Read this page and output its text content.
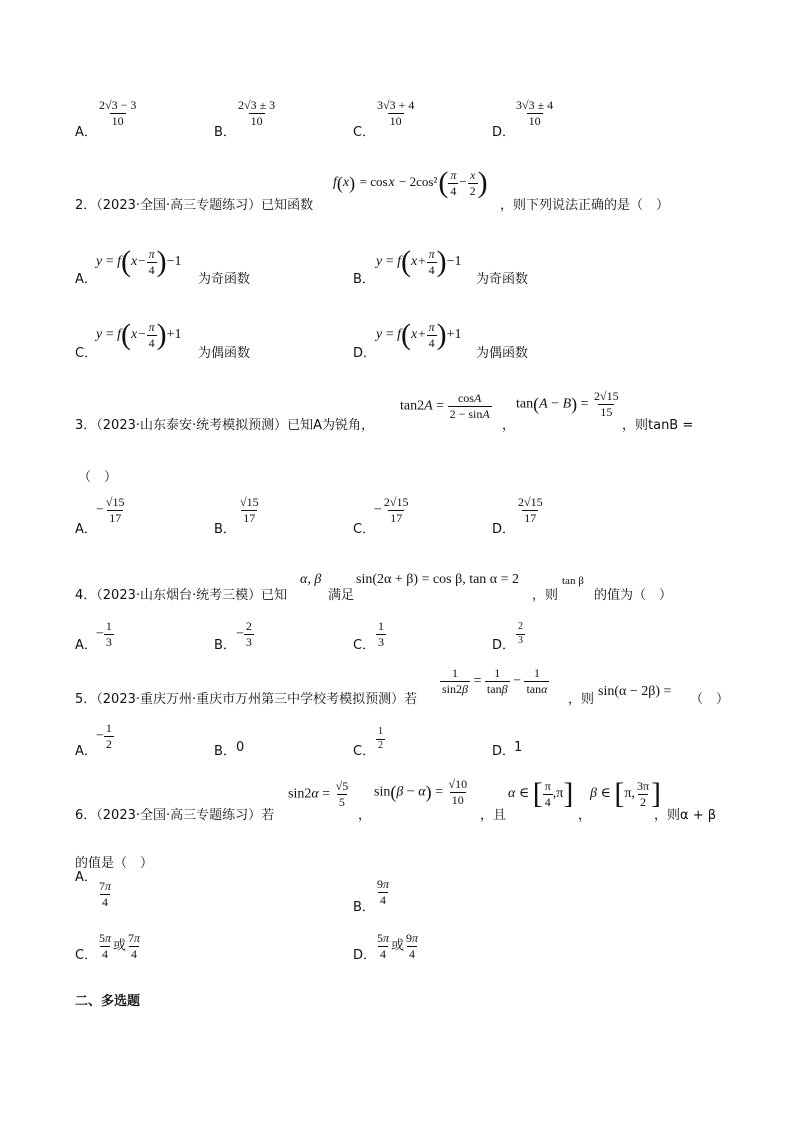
A．
$\frac{2√3 - 3}{10}$
B．
$\frac{2√3 \pm 3}{10}$
C．
$\frac{3√3 + 4}{10}$
D．
$\frac{3√3 \pm 4}{10}$
2．（2023·全国·高三专题练习）已知函数
$f(x) = \cos x - 2\cos^2( \frac{\pi}{4} - \frac{x}{2}$ )
，则下列说法正确的是（　）
A．
$y = f(x- \frac{\pi}{4} )-1$
为奇函数	B．
$y = f(x+ \frac{\pi}{4} )-1$
为奇函数
C．
$y = f(x- \frac{\pi}{4} )+1$
为偶函数	D．
$y = f(x+ \frac{\pi}{4} )+1$
为偶函数
3．（2023·山东泰安·统考模拟预测）已知A为锐角，
$\tan 2A = \frac{\cos A}{2 - \sin A}$
，
$\tan(A - B) = \frac{2√15}{15}$
，则tanB =
（　）
A．
− $\frac{√15}{17}$
B．
$\frac{√15}{17}$
C．
− $\frac{2√15}{17}$
D．
$\frac{2√15}{17}$
4．（2023·山东烟台·统考三模）已知
α, β
满足
sin(2α + β) = cos β, tan α = 2
，则
tan β
的值为（　）
A．
− $\frac{1}{3}$	B．
− $\frac{2}{3}$	C． $\frac{1}{3}$	D． $\frac{2}{3}$
5．（2023·重庆万州·重庆市万州第三中学校考模拟预测）若
$\frac{1}{\sin 2\beta} = \frac{1}{\tan\beta} - \frac{1}{\tan\alpha}$
，则
sin(α − 2β) =
（　）
A．
− $\frac{1}{2}$
B． 0	C．
$\frac{1}{2}$
D．
1
6．（2023·全国·高三专题练习）若
$\sin 2\alpha = \frac{√5}{5}$
，
$\sin(\beta - \alpha) = \frac{√10}{10}$
，且
α ∈ [ $\frac{\pi}{4} ,\pi$]
，
β ∈ [π, $\frac{3\pi}{2}$ ]
，则α + β
的值是（　）
A．
$\frac{7\pi}{4}$	B．
$\frac{9\pi}{4}$
C． $\frac{5\pi}{4}$ 或 $\frac{7\pi}{4}$	D．
$\frac{5\pi}{4}$ 或 $\frac{9\pi}{4}$
二、多选题
